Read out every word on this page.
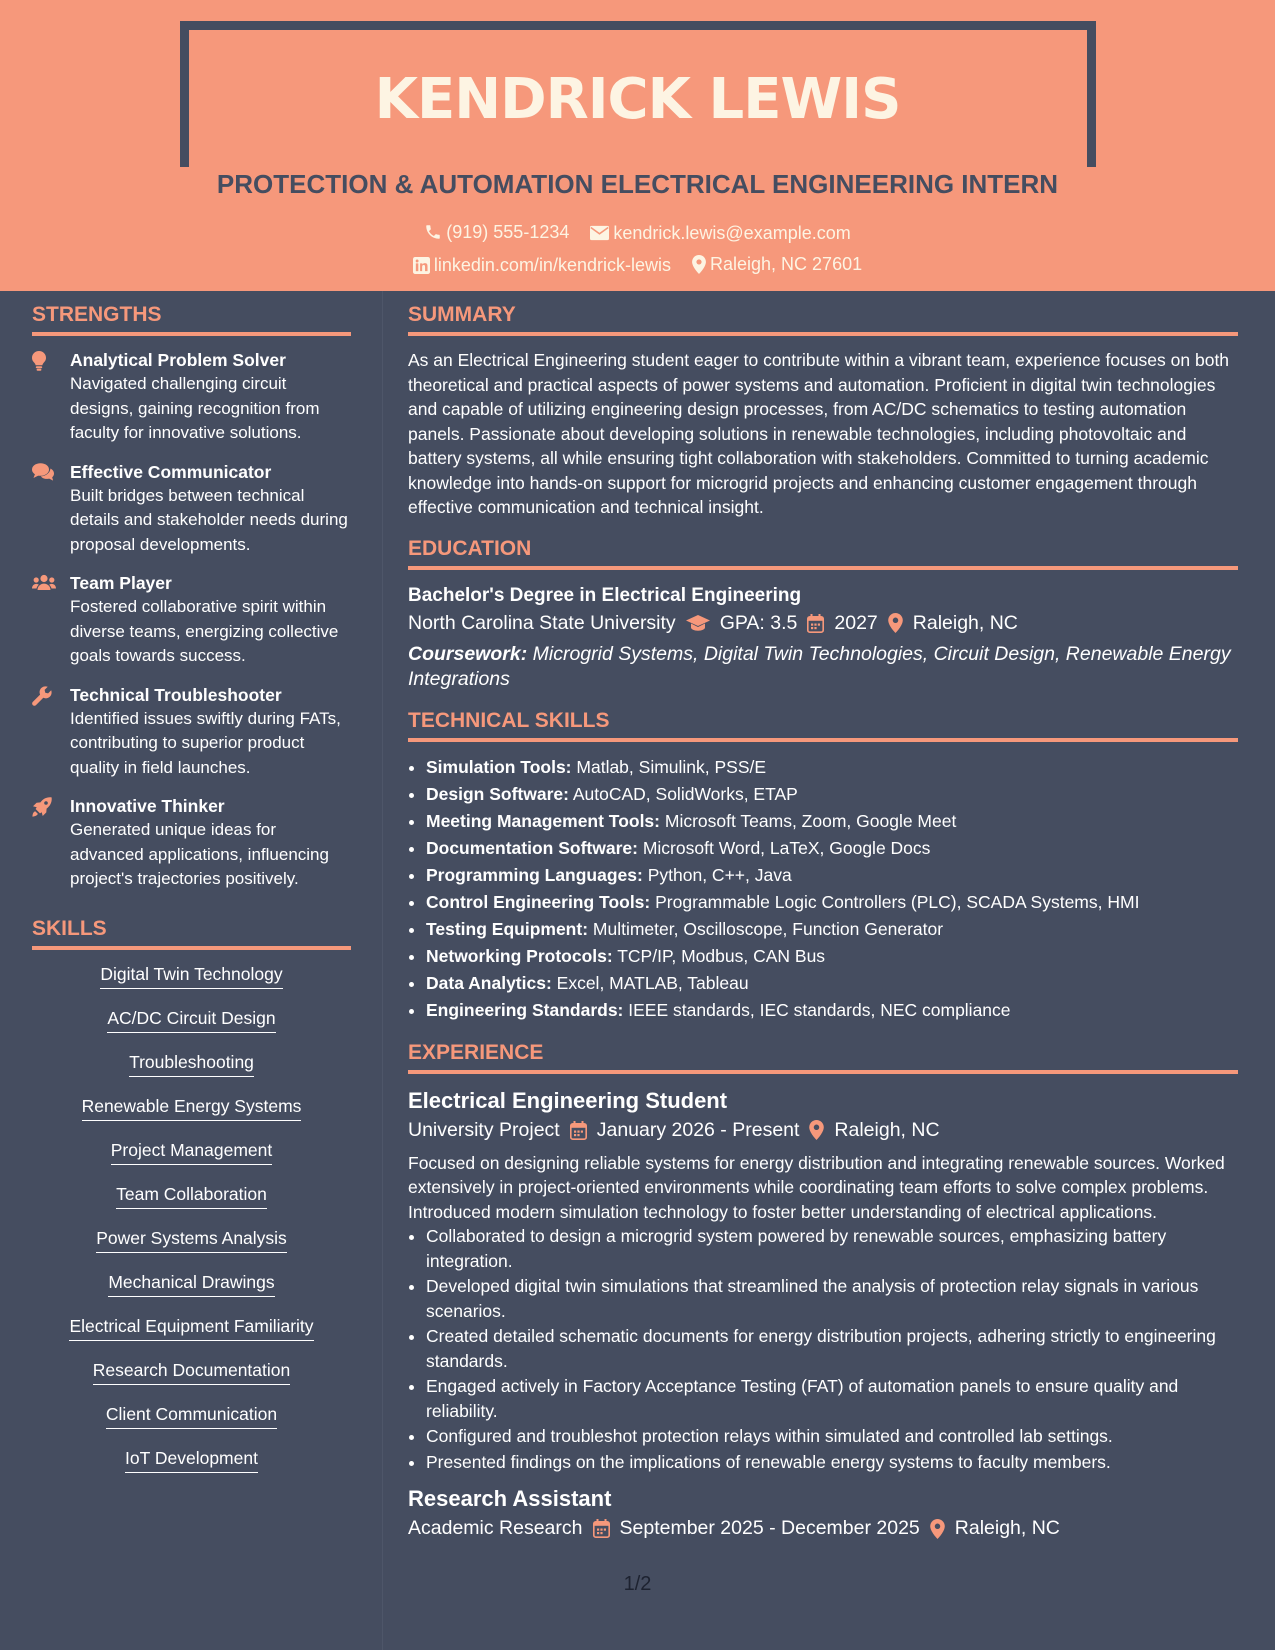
KENDRICK LEWIS
PROTECTION & AUTOMATION ELECTRICAL ENGINEERING INTERN
(919) 555-1234
kendrick.lewis@example.com
linkedin.com/in/kendrick-lewis
Raleigh, NC 27601
STRENGTHS
Analytical Problem Solver
Navigated challenging circuit designs, gaining recognition from faculty for innovative solutions.
Effective Communicator
Built bridges between technical details and stakeholder needs during proposal developments.
Team Player
Fostered collaborative spirit within diverse teams, energizing collective goals towards success.
Technical Troubleshooter
Identified issues swiftly during FATs, contributing to superior product quality in field launches.
Innovative Thinker
Generated unique ideas for advanced applications, influencing project's trajectories positively.
SKILLS
Digital Twin Technology
AC/DC Circuit Design
Troubleshooting
Renewable Energy Systems
Project Management
Team Collaboration
Power Systems Analysis
Mechanical Drawings
Electrical Equipment Familiarity
Research Documentation
Client Communication
IoT Development
SUMMARY
As an Electrical Engineering student eager to contribute within a vibrant team, experience focuses on both theoretical and practical aspects of power systems and automation. Proficient in digital twin technologies and capable of utilizing engineering design processes, from AC/DC schematics to testing automation panels. Passionate about developing solutions in renewable technologies, including photovoltaic and battery systems, all while ensuring tight collaboration with stakeholders. Committed to turning academic knowledge into hands-on support for microgrid projects and enhancing customer engagement through effective communication and technical insight.
EDUCATION
Bachelor's Degree in Electrical Engineering
North Carolina State University GPA: 3.5 2027 Raleigh, NC
Coursework: Microgrid Systems, Digital Twin Technologies, Circuit Design, Renewable Energy Integrations
TECHNICAL SKILLS
• Simulation Tools: Matlab, Simulink, PSS/E
• Design Software: AutoCAD, SolidWorks, ETAP
• Meeting Management Tools: Microsoft Teams, Zoom, Google Meet
• Documentation Software: Microsoft Word, LaTeX, Google Docs
• Programming Languages: Python, C++, Java
• Control Engineering Tools: Programmable Logic Controllers (PLC), SCADA Systems, HMI
• Testing Equipment: Multimeter, Oscilloscope, Function Generator
• Networking Protocols: TCP/IP, Modbus, CAN Bus
• Data Analytics: Excel, MATLAB, Tableau
• Engineering Standards: IEEE standards, IEC standards, NEC compliance
EXPERIENCE
Electrical Engineering Student
University Project January 2026 - Present Raleigh, NC
Focused on designing reliable systems for energy distribution and integrating renewable sources. Worked extensively in project-oriented environments while coordinating team efforts to solve complex problems. Introduced modern simulation technology to foster better understanding of electrical applications.
• Collaborated to design a microgrid system powered by renewable sources, emphasizing battery integration.
• Developed digital twin simulations that streamlined the analysis of protection relay signals in various scenarios.
• Created detailed schematic documents for energy distribution projects, adhering strictly to engineering standards.
• Engaged actively in Factory Acceptance Testing (FAT) of automation panels to ensure quality and reliability.
• Configured and troubleshot protection relays within simulated and controlled lab settings.
• Presented findings on the implications of renewable energy systems to faculty members.
Research Assistant
Academic Research September 2025 - December 2025 Raleigh, NC
1/2
